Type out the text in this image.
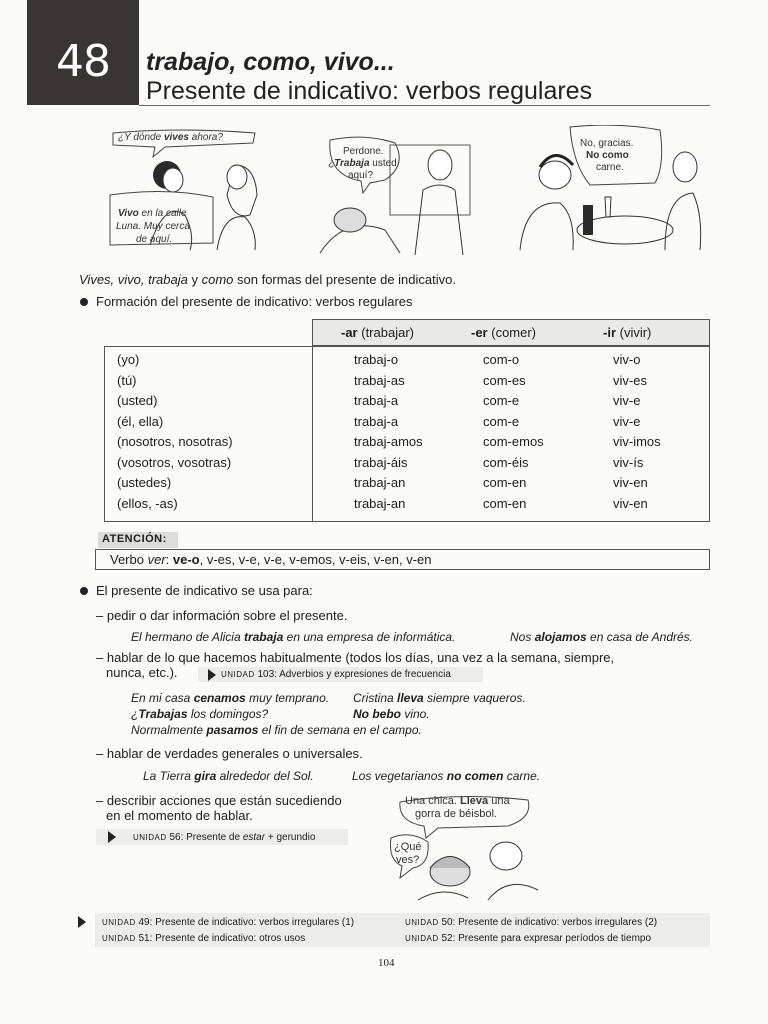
48	trabajo, como, vivo...
Presente de indicativo: verbos regulares
¿Y dónde vives ahora?
Vivo en la calle
Luna. Muy cerca
de aquí.
Perdone.
¿Trabaja usted
aquí?
No, gracias.
No como
carne.
Vives, vivo, trabaja y como son formas del presente de indicativo.
Formación del presente de indicativo: verbos regulares
-ar (trabajar)	-er (comer)	-ir (vivir)
(yo)	trabaj-o	com-o	viv-o
(tú)	trabaj-as	com-es	viv-es
(usted)	trabaj-a	com-e	viv-e
(él, ella)	trabaj-a	com-e	viv-e
(nosotros, nosotras)	trabaj-amos	com-emos	viv-imos
(vosotros, vosotras)	trabaj-áis	com-éis	viv-ís
(ustedes)	trabaj-an	com-en	viv-en
(ellos, -as)	trabaj-an	com-en	viv-en
ATENCIÓN:
Verbo ver: ve-o, v-es, v-e, v-e, v-emos, v-eis, v-en, v-en
El presente de indicativo se usa para:
– pedir o dar información sobre el presente.
El hermano de Alicia trabaja en una empresa de informática.	Nos alojamos en casa de Andrés.
– hablar de lo que hacemos habitualmente (todos los días, una vez a la semana, siempre,
nunca, etc.).	UNIDAD 103: Adverbios y expresiones de frecuencia
En mi casa cenamos muy temprano. Cristina lleva siempre vaqueros.
¿Trabajas los domingos?	No bebo vino.
Normalmente pasamos el fin de semana en el campo.
– hablar de verdades generales o universales.
La Tierra gira alrededor del Sol.	Los vegetarianos no comen carne.
– describir acciones que están sucediendo
en el momento de hablar.
UNIDAD 56: Presente de estar + gerundio
Una chica. Lleva una
gorra de béisbol.
¿Qué
ves?
UNIDAD 49: Presente de indicativo: verbos irregulares (1)	UNIDAD 50: Presente de indicativo: verbos irregulares (2)
UNIDAD 51: Presente de indicativo: otros usos	UNIDAD 52: Presente para expresar períodos de tiempo
104
